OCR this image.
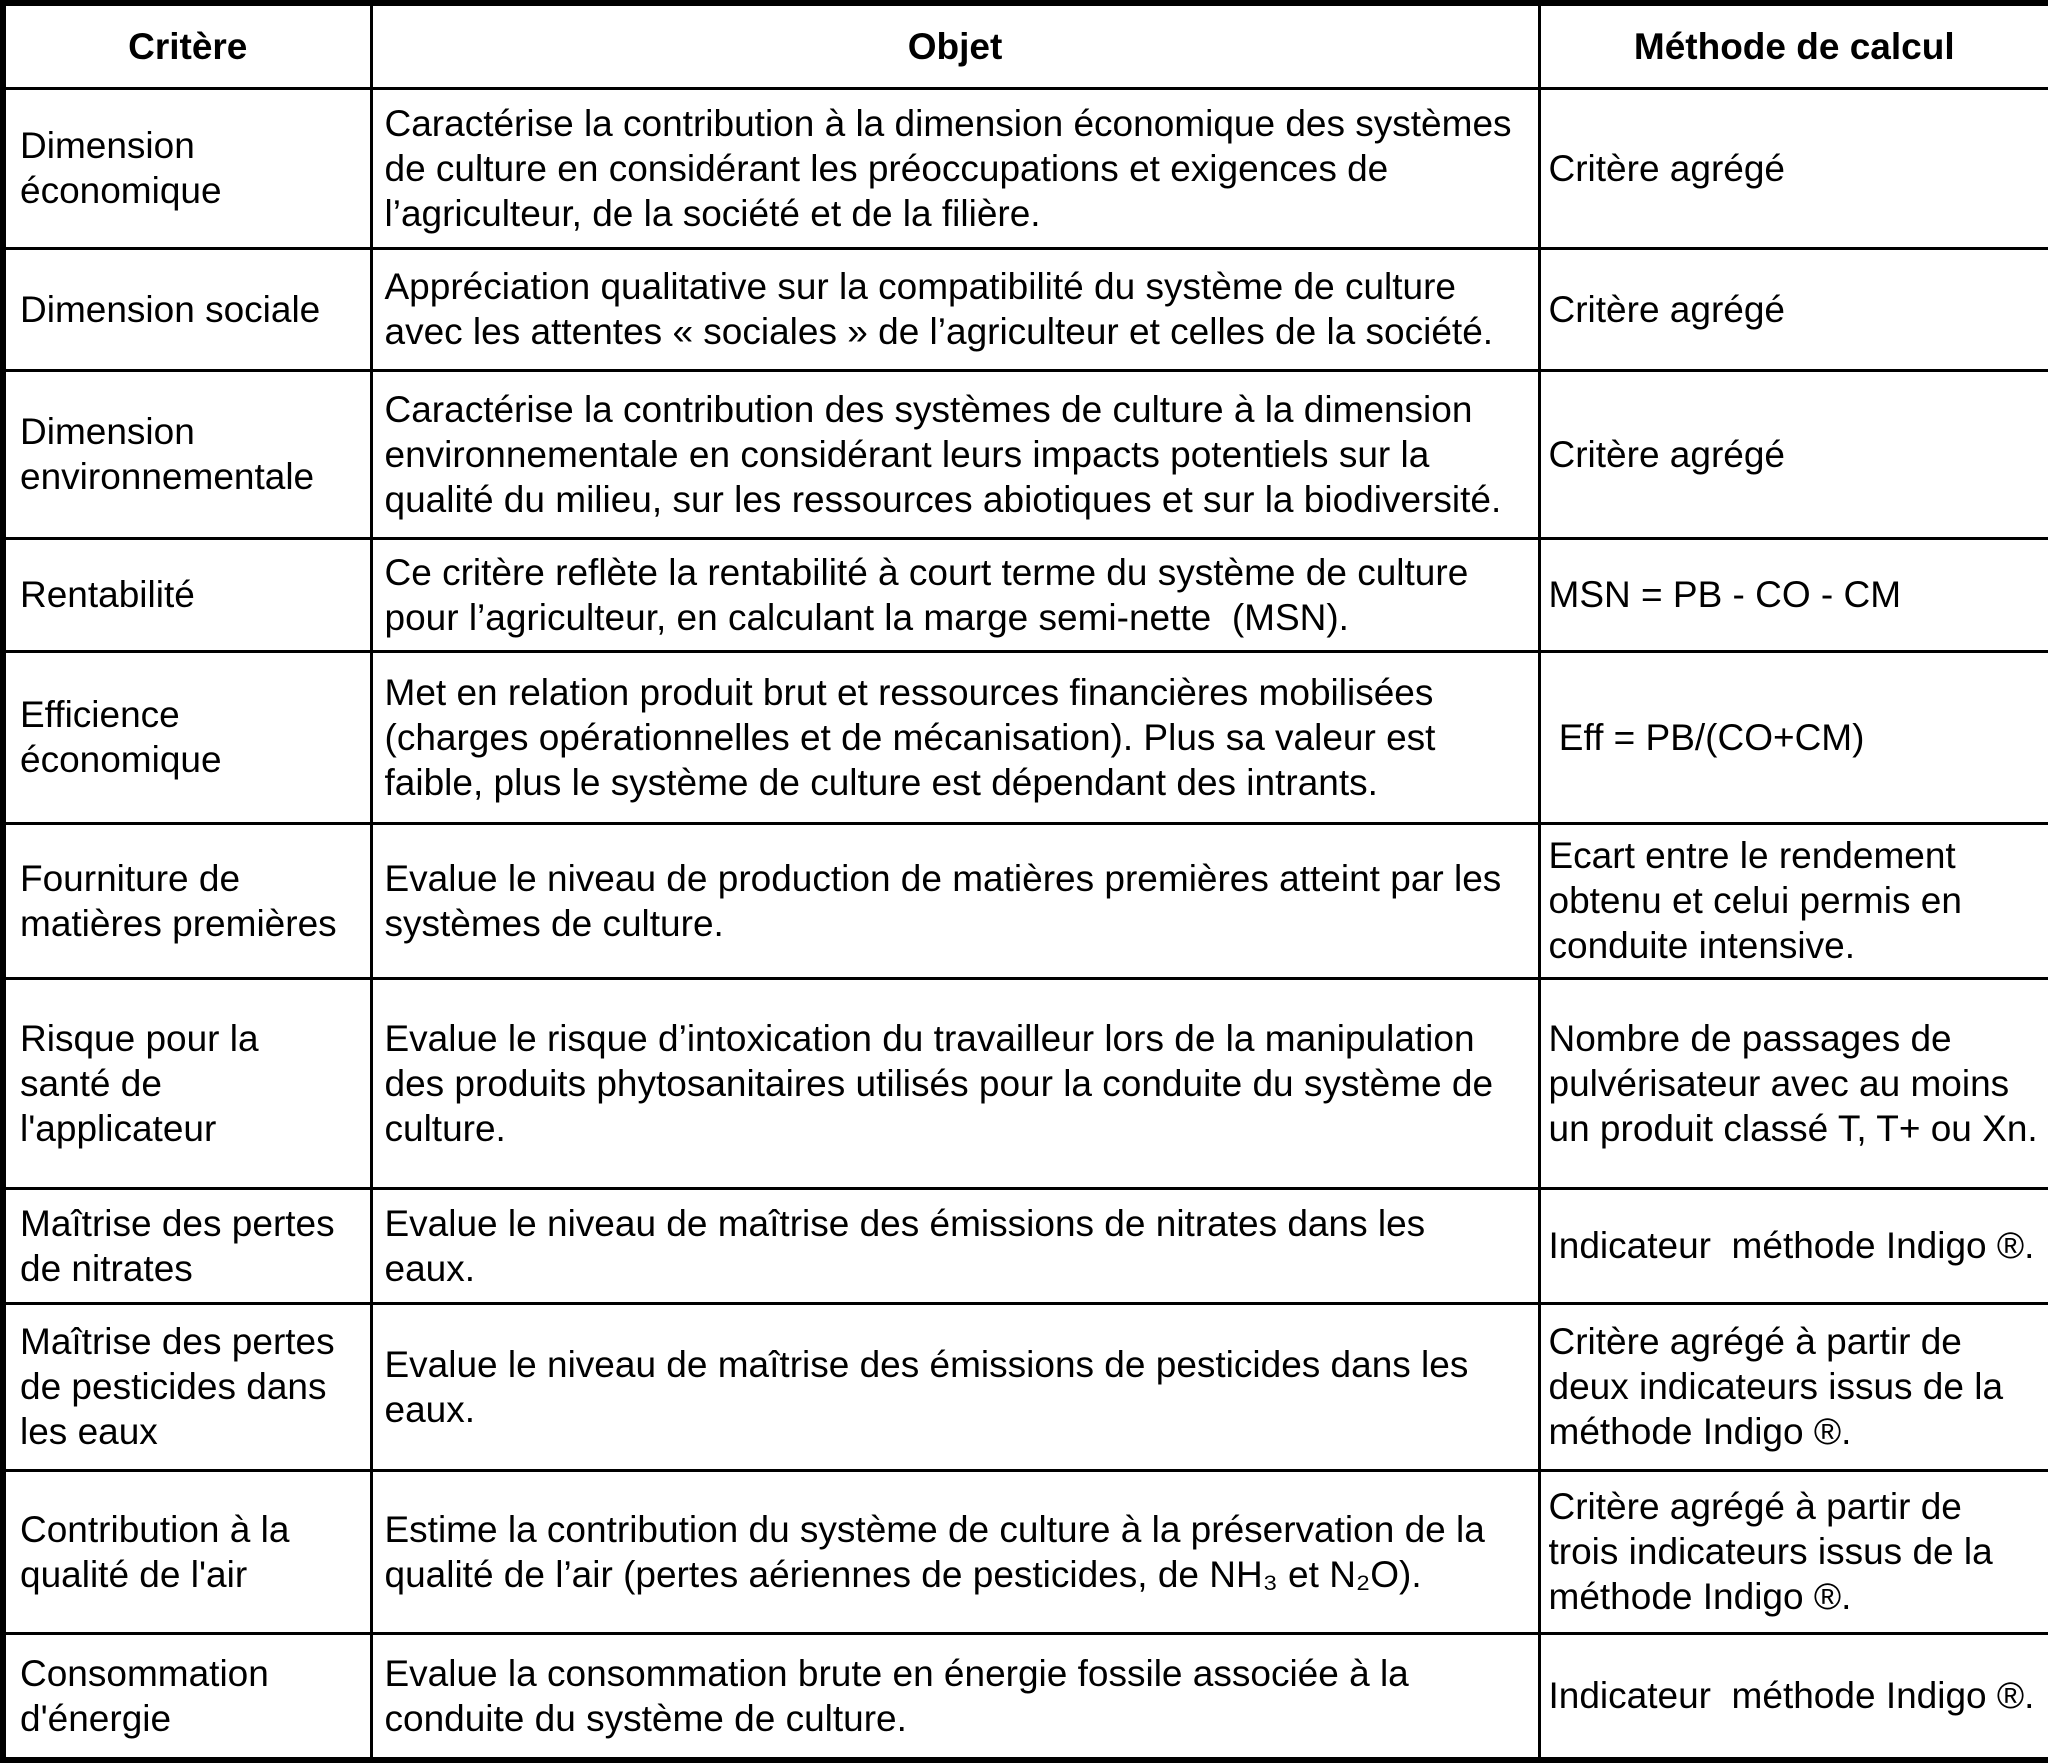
Critère	Objet	Méthode de calcul
Dimension économique	Caractérise la contribution à la dimension économique des systèmes de culture en considérant les préoccupations et exigences de l’agriculteur, de la société et de la filière.	Critère agrégé
Dimension sociale	Appréciation qualitative sur la compatibilité du système de culture avec les attentes « sociales » de l’agriculteur et celles de la société.	Critère agrégé
Dimension environnementale	Caractérise la contribution des systèmes de culture à la dimension environnementale en considérant leurs impacts potentiels sur la qualité du milieu, sur les ressources abiotiques et sur la biodiversité.	Critère agrégé
Rentabilité	Ce critère reflète la rentabilité à court terme du système de culture pour l’agriculteur, en calculant la marge semi-nette  (MSN).	MSN = PB - CO - CM
Efficience économique	Met en relation produit brut et ressources financières mobilisées (charges opérationnelles et de mécanisation). Plus sa valeur est faible, plus le système de culture est dépendant des intrants.	Eff = PB/(CO+CM)
Fourniture de matières premières	Evalue le niveau de production de matières premières atteint par les systèmes de culture.	Ecart entre le rendement obtenu et celui permis en conduite intensive.
Risque pour la santé de l'applicateur	Evalue le risque d’intoxication du travailleur lors de la manipulation des produits phytosanitaires utilisés pour la conduite du système de culture.	Nombre de passages de pulvérisateur avec au moins un produit classé T, T+ ou Xn.
Maîtrise des pertes de nitrates	Evalue le niveau de maîtrise des émissions de nitrates dans les eaux.	Indicateur  méthode Indigo ®.
Maîtrise des pertes de pesticides dans les eaux	Evalue le niveau de maîtrise des émissions de pesticides dans les eaux.	Critère agrégé à partir de deux indicateurs issus de la méthode Indigo ®.
Contribution à la qualité de l'air	Estime la contribution du système de culture à la préservation de la qualité de l’air (pertes aériennes de pesticides, de NH₃ et N₂O).	Critère agrégé à partir de trois indicateurs issus de la méthode Indigo ®.
Consommation d'énergie	Evalue la consommation brute en énergie fossile associée à la conduite du système de culture.	Indicateur  méthode Indigo ®.
